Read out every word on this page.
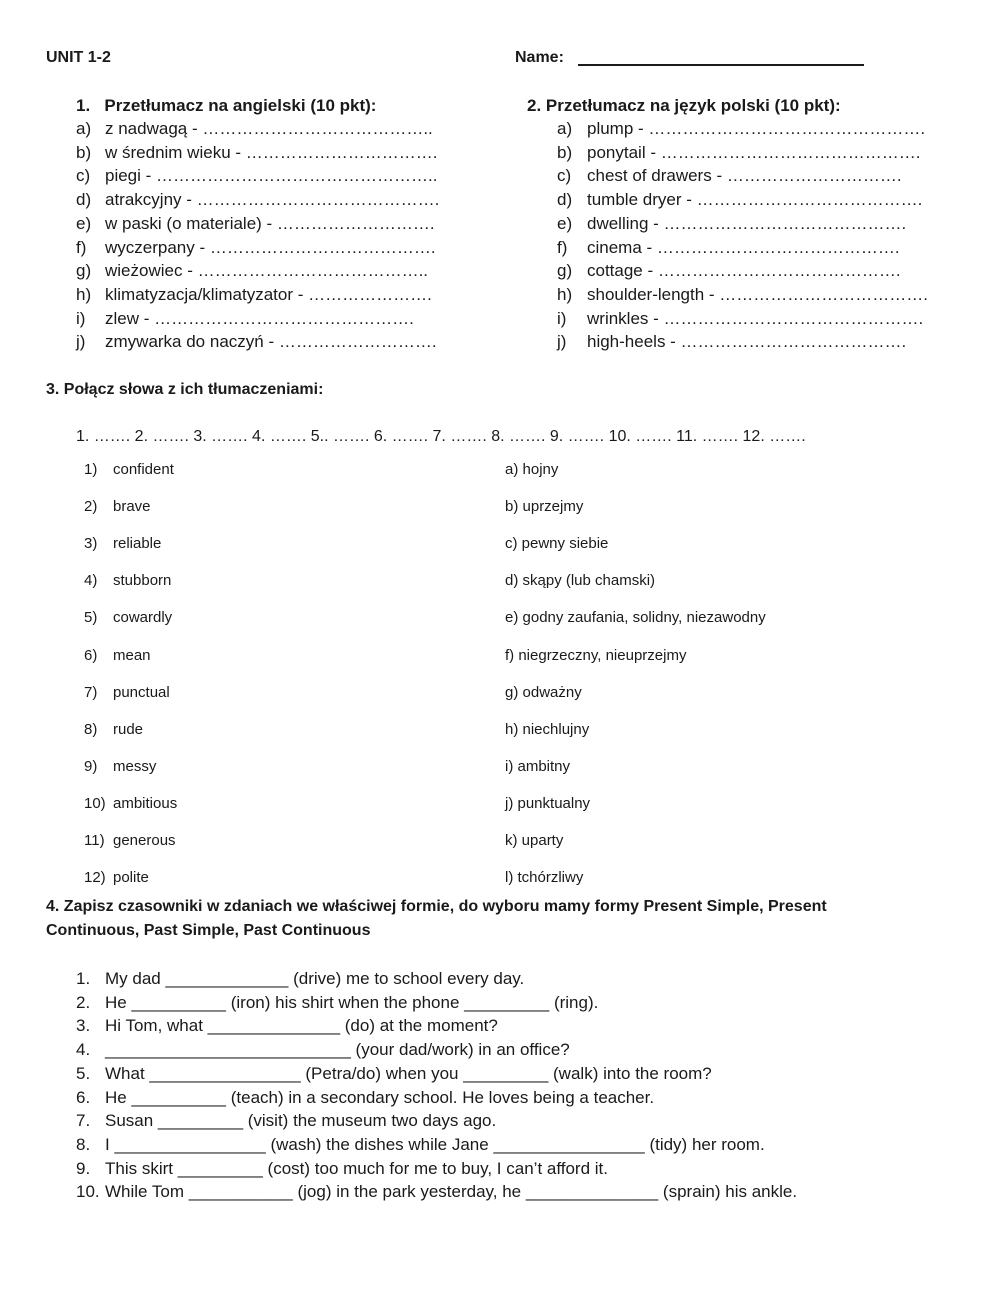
UNIT 1-2	Name:
1. Przetłumacz na angielski (10 pkt):
a) z nadwagą - …………………………………..
b) w średnim wieku - …………………………….
c) piegi - …………………………………………..
d) atrakcyjny - …………………………………….
e) w paski (o materiale) - ……………………….
f) wyczerpany - ………………………………….
g) wieżowiec - …………………………………..
h) klimatyzacja/klimatyzator - ………………….
i) zlew - ……………………………………….
j) zmywarka do naczyń - ……………………….
2. Przetłumacz na język polski (10 pkt):
a) plump - ………………………………………….
b) ponytail - ……………………………………….
c) chest of drawers - ………………………….
d) tumble dryer - ………………………………….
e) dwelling - …………………………………….
f) cinema - …………………………………….
g) cottage - …………………………………….
h) shoulder-length - ……………………………….
i) wrinkles - ……………………………………….
j) high-heels - ………………………………….
3. Połącz słowa z ich tłumaczeniami:
1. ……. 2. ……. 3. ……. 4. ……. 5.. ……. 6. ……. 7. ……. 8. ……. 9. ……. 10. ……. 11. ……. 12. …….
1) confident
2) brave
3) reliable
4) stubborn
5) cowardly
6) mean
7) punctual
8) rude
9) messy
10) ambitious
11) generous
12) polite
a) hojny
b) uprzejmy
c) pewny siebie
d) skąpy (lub chamski)
e) godny zaufania, solidny, niezawodny
f) niegrzeczny, nieuprzejmy
g) odważny
h) niechlujny
i) ambitny
j) punktualny
k) uparty
l) tchórzliwy
4. Zapisz czasowniki w zdaniach we właściwej formie, do wyboru mamy formy Present Simple, Present
Continuous, Past Simple, Past Continuous
1. My dad _____________ (drive) me to school every day.
2. He __________ (iron) his shirt when the phone _________ (ring).
3. Hi Tom, what ______________ (do) at the moment?
4. __________________________ (your dad/work) in an office?
5. What ________________ (Petra/do) when you _________ (walk) into the room?
6. He __________ (teach) in a secondary school. He loves being a teacher.
7. Susan _________ (visit) the museum two days ago.
8. I ________________ (wash) the dishes while Jane ________________ (tidy) her room.
9. This skirt _________ (cost) too much for me to buy, I can’t afford it.
10. While Tom ___________ (jog) in the park yesterday, he ______________ (sprain) his ankle.
